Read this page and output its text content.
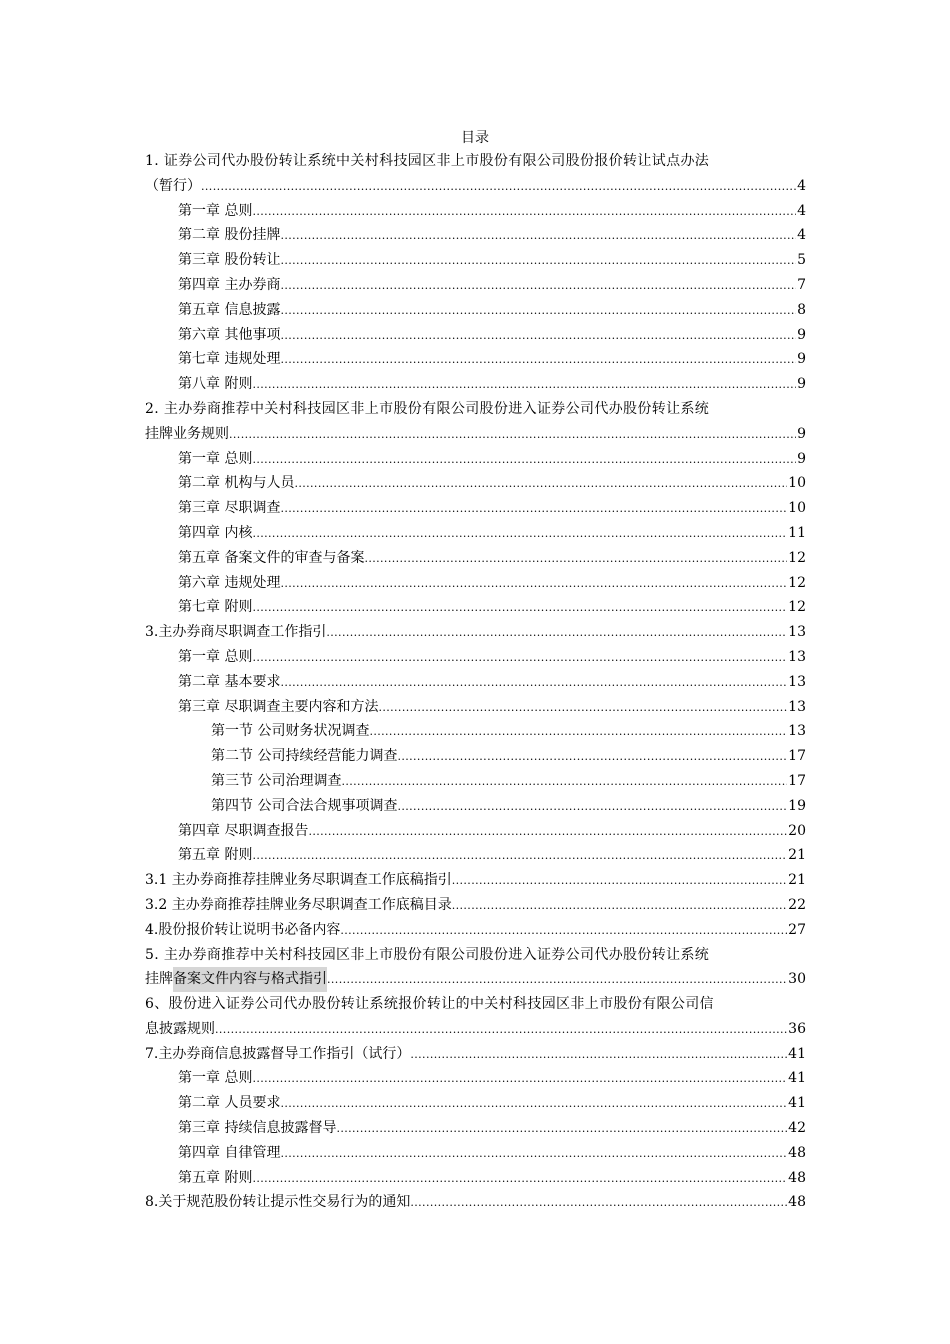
目录
1. 证券公司代办股份转让系统中关村科技园区非上市股份有限公司股份报价转让试点办法
（暂行） .....	4
第一章 总则 .....	4
第二章 股份挂牌 .....	4
第三章 股份转让 .....	5
第四章 主办券商 .....	7
第五章 信息披露 .....	8
第六章 其他事项 .....	9
第七章 违规处理 .....	9
第八章 附则 .....	9
2. 主办券商推荐中关村科技园区非上市股份有限公司股份进入证券公司代办股份转让系统
挂牌业务规则 .....	9
第一章 总则 .....	9
第二章 机构与人员 .....	10
第三章 尽职调查 .....	10
第四章 内核 .....	11
第五章 备案文件的审查与备案 .....	12
第六章 违规处理 .....	12
第七章 附则 .....	12
3.主办券商尽职调查工作指引 .....	13
第一章 总则 .....	13
第二章 基本要求 .....	13
第三章 尽职调查主要内容和方法 .....	13
第一节 公司财务状况调查 .....	13
第二节 公司持续经营能力调查 .....	17
第三节 公司治理调查 .....	17
第四节 公司合法合规事项调查 .....	19
第四章 尽职调查报告 .....	20
第五章 附则 .....	21
3.1 主办券商推荐挂牌业务尽职调查工作底稿指引 .....	21
3.2 主办券商推荐挂牌业务尽职调查工作底稿目录 .....	22
4.股份报价转让说明书必备内容 .....	27
5. 主办券商推荐中关村科技园区非上市股份有限公司股份进入证券公司代办股份转让系统
挂牌 备案文件内容与格式指引 .....	30
6、股份进入证券公司代办股份转让系统报价转让的中关村科技园区非上市股份有限公司信
息披露规则 .....	36
7.主办券商信息披露督导工作指引（试行） .....	41
第一章 总则 .....	41
第二章 人员要求 .....	41
第三章 持续信息披露督导 .....	42
第四章 自律管理 .....	48
第五章 附则 .....	48
8.关于规范股份转让提示性交易行为的通知 .....	48
